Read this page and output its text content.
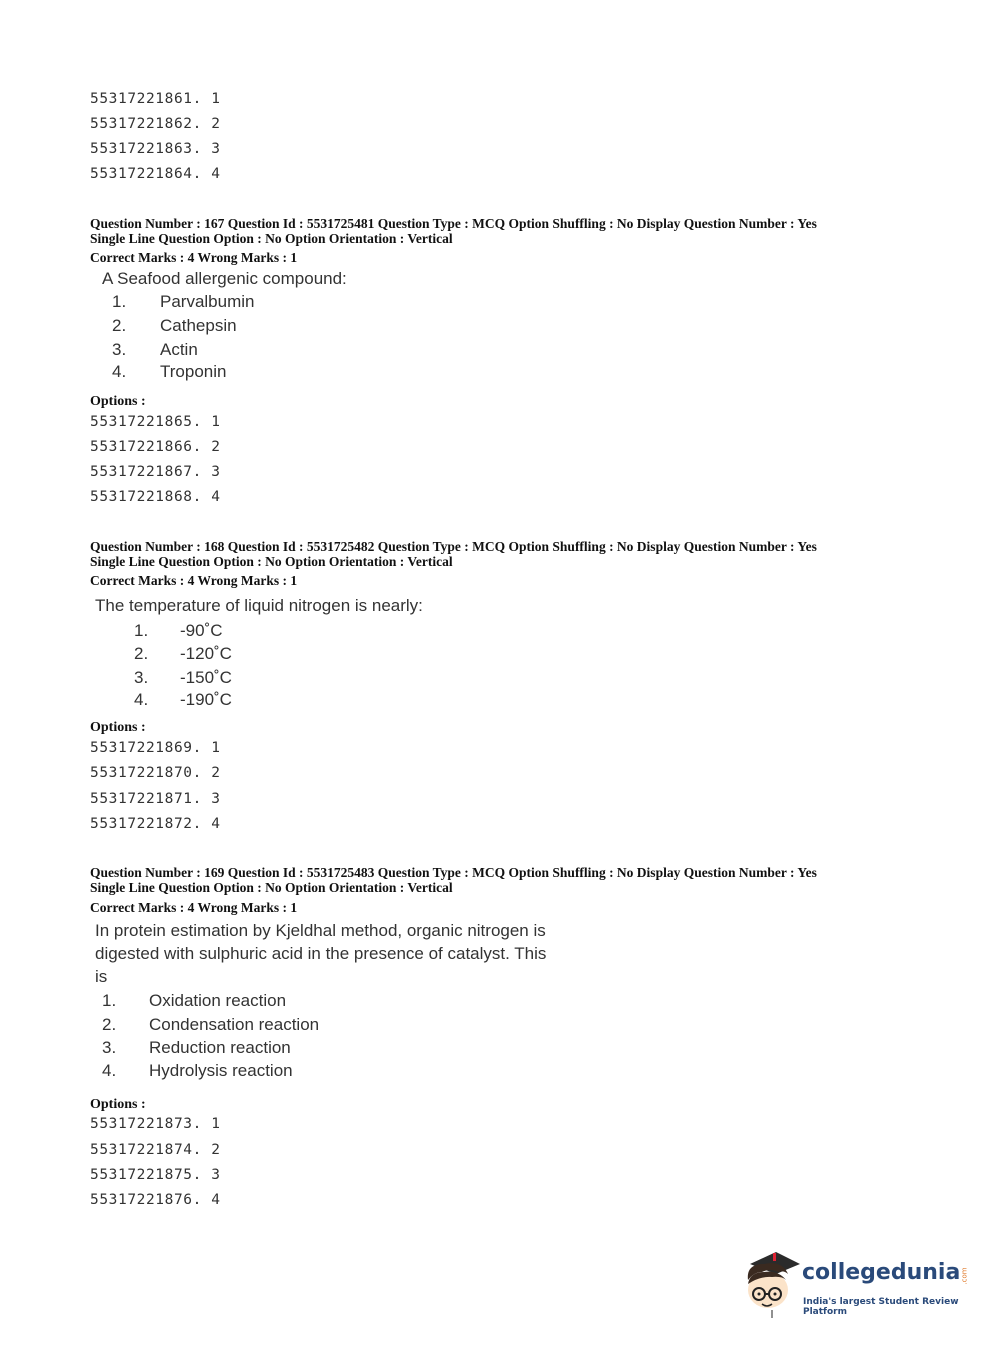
55317221861. 1
55317221862. 2
55317221863. 3
55317221864. 4
Question Number : 167 Question Id : 5531725481 Question Type : MCQ Option Shuffling : No Display Question Number : Yes
Single Line Question Option : No Option Orientation : Vertical
Correct Marks : 4 Wrong Marks : 1
A Seafood allergenic compound:
1. Parvalbumin
2. Cathepsin
3. Actin
4. Troponin
Options :
55317221865. 1
55317221866. 2
55317221867. 3
55317221868. 4
Question Number : 168 Question Id : 5531725482 Question Type : MCQ Option Shuffling : No Display Question Number : Yes
Single Line Question Option : No Option Orientation : Vertical
Correct Marks : 4 Wrong Marks : 1
The temperature of liquid nitrogen is nearly:
1. -90˚C
2. -120˚C
3. -150˚C
4. -190˚C
Options :
55317221869. 1
55317221870. 2
55317221871. 3
55317221872. 4
Question Number : 169 Question Id : 5531725483 Question Type : MCQ Option Shuffling : No Display Question Number : Yes
Single Line Question Option : No Option Orientation : Vertical
Correct Marks : 4 Wrong Marks : 1
In protein estimation by Kjeldhal method, organic nitrogen is
digested with sulphuric acid in the presence of catalyst. This
is
1. Oxidation reaction
2. Condensation reaction
3. Reduction reaction
4. Hydrolysis reaction
Options :
55317221873. 1
55317221874. 2
55317221875. 3
55317221876. 4
collegedunia
India's largest Student Review Platform
.com
